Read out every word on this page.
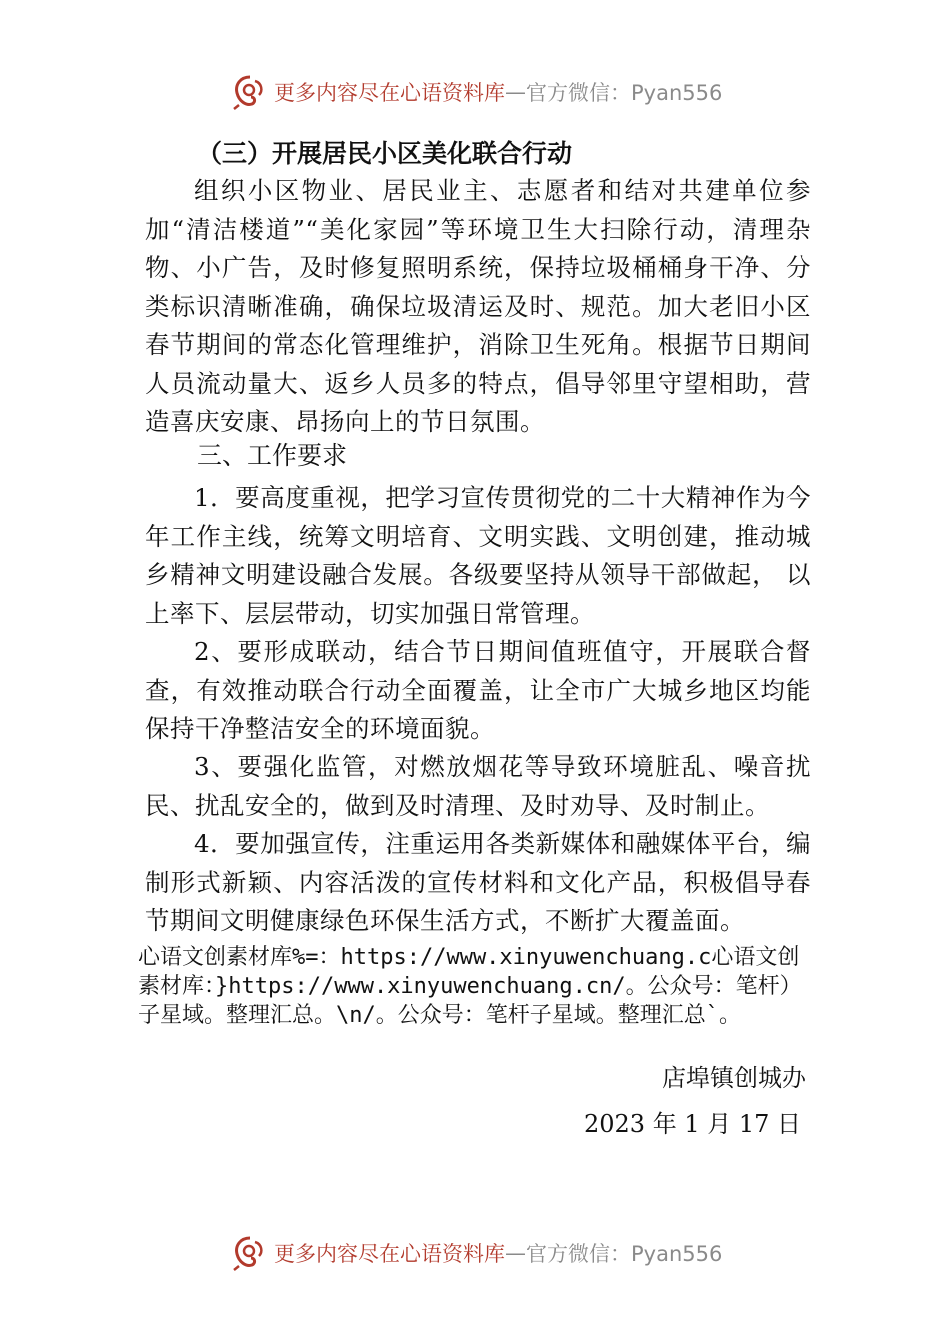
更多内容尽在心语资料库 — 官方微信：Pyan556
（三）开展居民小区美化联合行动

组织小区物业、居民业主、志愿者和结对共建单位参加“清洁楼道”“美化家园”等环境卫生大扫除行动，清理杂物、小广告，及时修复照明系统，保持垃圾桶桶身干净、分类标识清晰准确，确保垃圾清运及时、规范。加大老旧小区春节期间的常态化管理维护，消除卫生死角。根据节日期间人员流动量大、返乡人员多的特点，倡导邻里守望相助，营造喜庆安康、昂扬向上的节日氛围。

三、工作要求

1．要高度重视，把学习宣传贯彻党的二十大精神作为今年工作主线，统筹文明培育、文明实践、文明创建，推动城乡精神文明建设融合发展。各级要坚持从领导干部做起， 以上率下、层层带动，切实加强日常管理。

2、要形成联动，结合节日期间值班值守，开展联合督查，有效推动联合行动全面覆盖，让全市广大城乡地区均能保持干净整洁安全的环境面貌。

3、要强化监管，对燃放烟花等导致环境脏乱、噪音扰民、扰乱安全的，做到及时清理、及时劝导、及时制止。

4．要加强宣传，注重运用各类新媒体和融媒体平台，编制形式新颖、内容活泼的宣传材料和文化产品，积极倡导春节期间文明健康绿色环保生活方式，不断扩大覆盖面。

心语文创素材库%=：https://www.xinyuwenchuang.c心语文创素材库：}https://www.xinyuwenchuang.cn/。公众号：笔杆）子星域。整理汇总。\n/。公众号：笔杆子星域。整理汇总`。

店埠镇创城办
2023 年 1 月 17 日
更多内容尽在心语资料库 — 官方微信：Pyan556
